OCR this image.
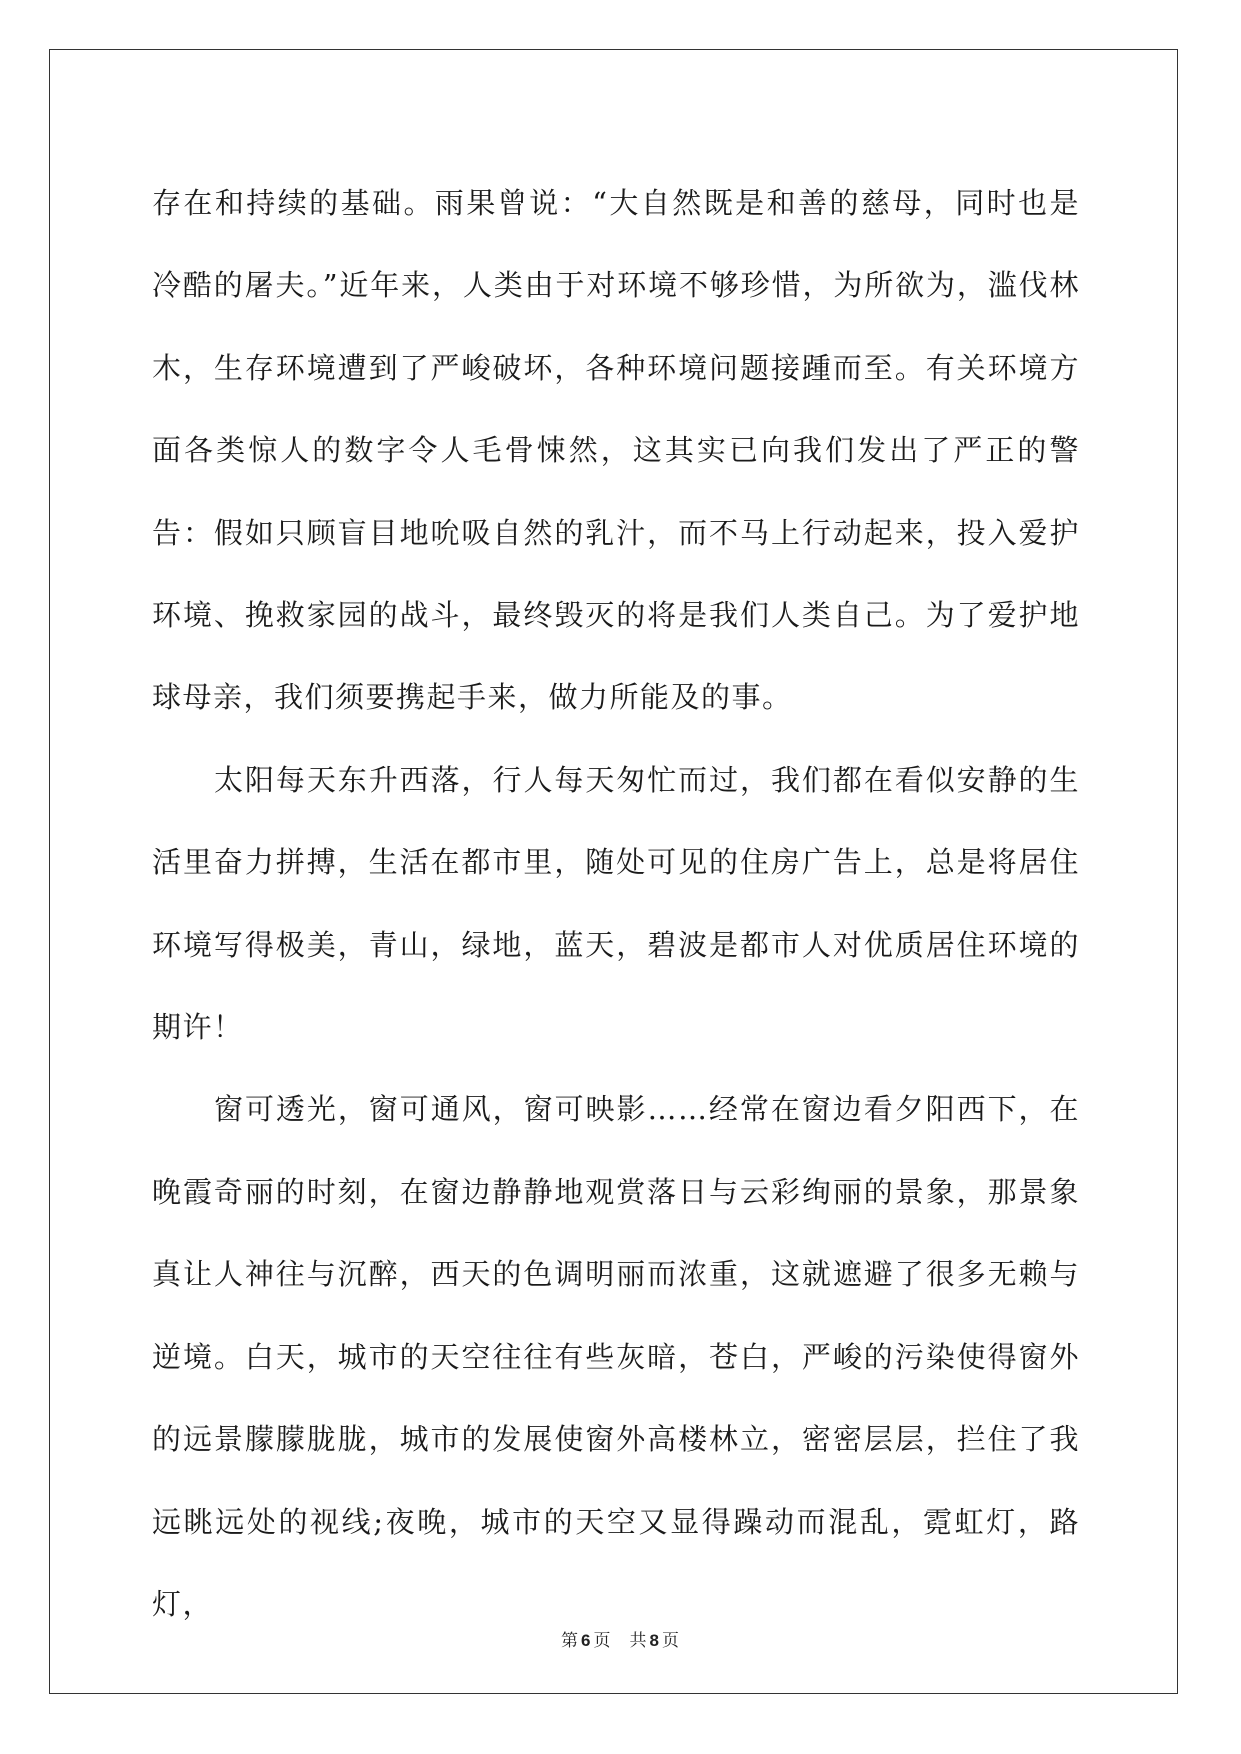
存在和持续的基础。雨果曾说：“大自然既是和善的慈母，同时也是冷酷的屠夫。”近年来，人类由于对环境不够珍惜，为所欲为，滥伐林木，生存环境遭到了严峻破坏，各种环境问题接踵而至。有关环境方面各类惊人的数字令人毛骨悚然，这其实已向我们发出了严正的警告：假如只顾盲目地吮吸自然的乳汁，而不马上行动起来，投入爱护环境、挽救家园的战斗，最终毁灭的将是我们人类自己。为了爱护地球母亲，我们须要携起手来，做力所能及的事。

太阳每天东升西落，行人每天匆忙而过，我们都在看似安静的生活里奋力拼搏，生活在都市里，随处可见的住房广告上，总是将居住环境写得极美，青山，绿地，蓝天，碧波是都市人对优质居住环境的期许！

窗可透光，窗可通风，窗可映影……经常在窗边看夕阳西下，在晚霞奇丽的时刻，在窗边静静地观赏落日与云彩绚丽的景象，那景象真让人神往与沉醉，西天的色调明丽而浓重，这就遮避了很多无赖与逆境。白天，城市的天空往往有些灰暗，苍白，严峻的污染使得窗外的远景朦朦胧胧，城市的发展使窗外高楼林立，密密层层，拦住了我远眺远处的视线;夜晚，城市的天空又显得躁动而混乱，霓虹灯，路灯，

第 6 页 共 8 页
